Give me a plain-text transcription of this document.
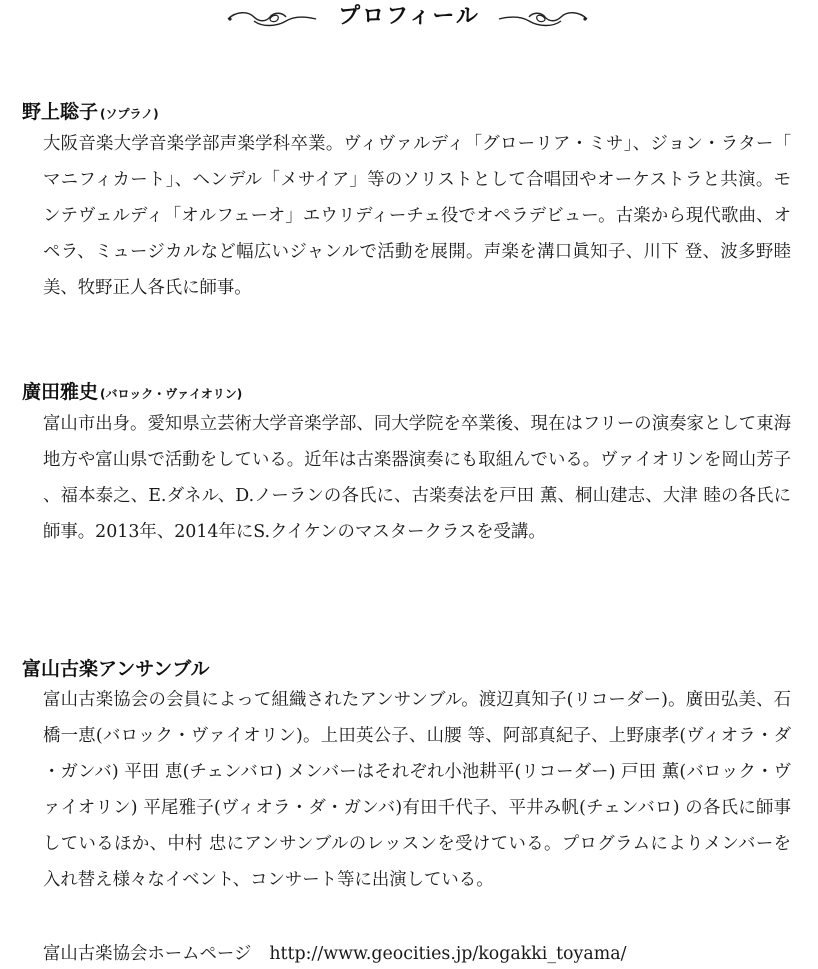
プロフィール
野上聡子 (ソプラノ)
大阪音楽大学音楽学部声楽学科卒業。ヴィヴァルディ「グローリア・ミサ」、ジョン・ラター「マニフィカート」、ヘンデル「メサイア」等のソリストとして合唱団やオーケストラと共演。モンテヴェルディ「オルフェーオ」エウリディーチェ役でオペラデビュー。古楽から現代歌曲、オペラ、ミュージカルなど幅広いジャンルで活動を展開。声楽を溝口眞知子、川下 登、波多野睦美、牧野正人各氏に師事。
廣田雅史 (バロック・ヴァイオリン)
富山市出身。愛知県立芸術大学音楽学部、同大学院を卒業後、現在はフリーの演奏家として東海地方や富山県で活動をしている。近年は古楽器演奏にも取組んでいる。ヴァイオリンを岡山芳子、福本泰之、E.ダネル、D.ノーランの各氏に、古楽奏法を戸田 薫、桐山建志、大津 睦の各氏に師事。2013年、2014年にS.クイケンのマスタークラスを受講。
富山古楽アンサンブル
富山古楽協会の会員によって組織されたアンサンブル。渡辺真知子(リコーダー)。廣田弘美、石橋一恵(バロック・ヴァイオリン)。上田英公子、山腰 等、阿部真紀子、上野康孝(ヴィオラ・ダ・ガンバ) 平田 恵(チェンバロ) メンバーはそれぞれ小池耕平(リコーダー) 戸田 薫(バロック・ヴァイオリン) 平尾雅子(ヴィオラ・ダ・ガンバ)有田千代子、平井み帆(チェンバロ) の各氏に師事しているほか、中村 忠にアンサンブルのレッスンを受けている。プログラムによりメンバーを入れ替え様々なイベント、コンサート等に出演している。
富山古楽協会ホームページ http://www.geocities.jp/kogakki_toyama/
